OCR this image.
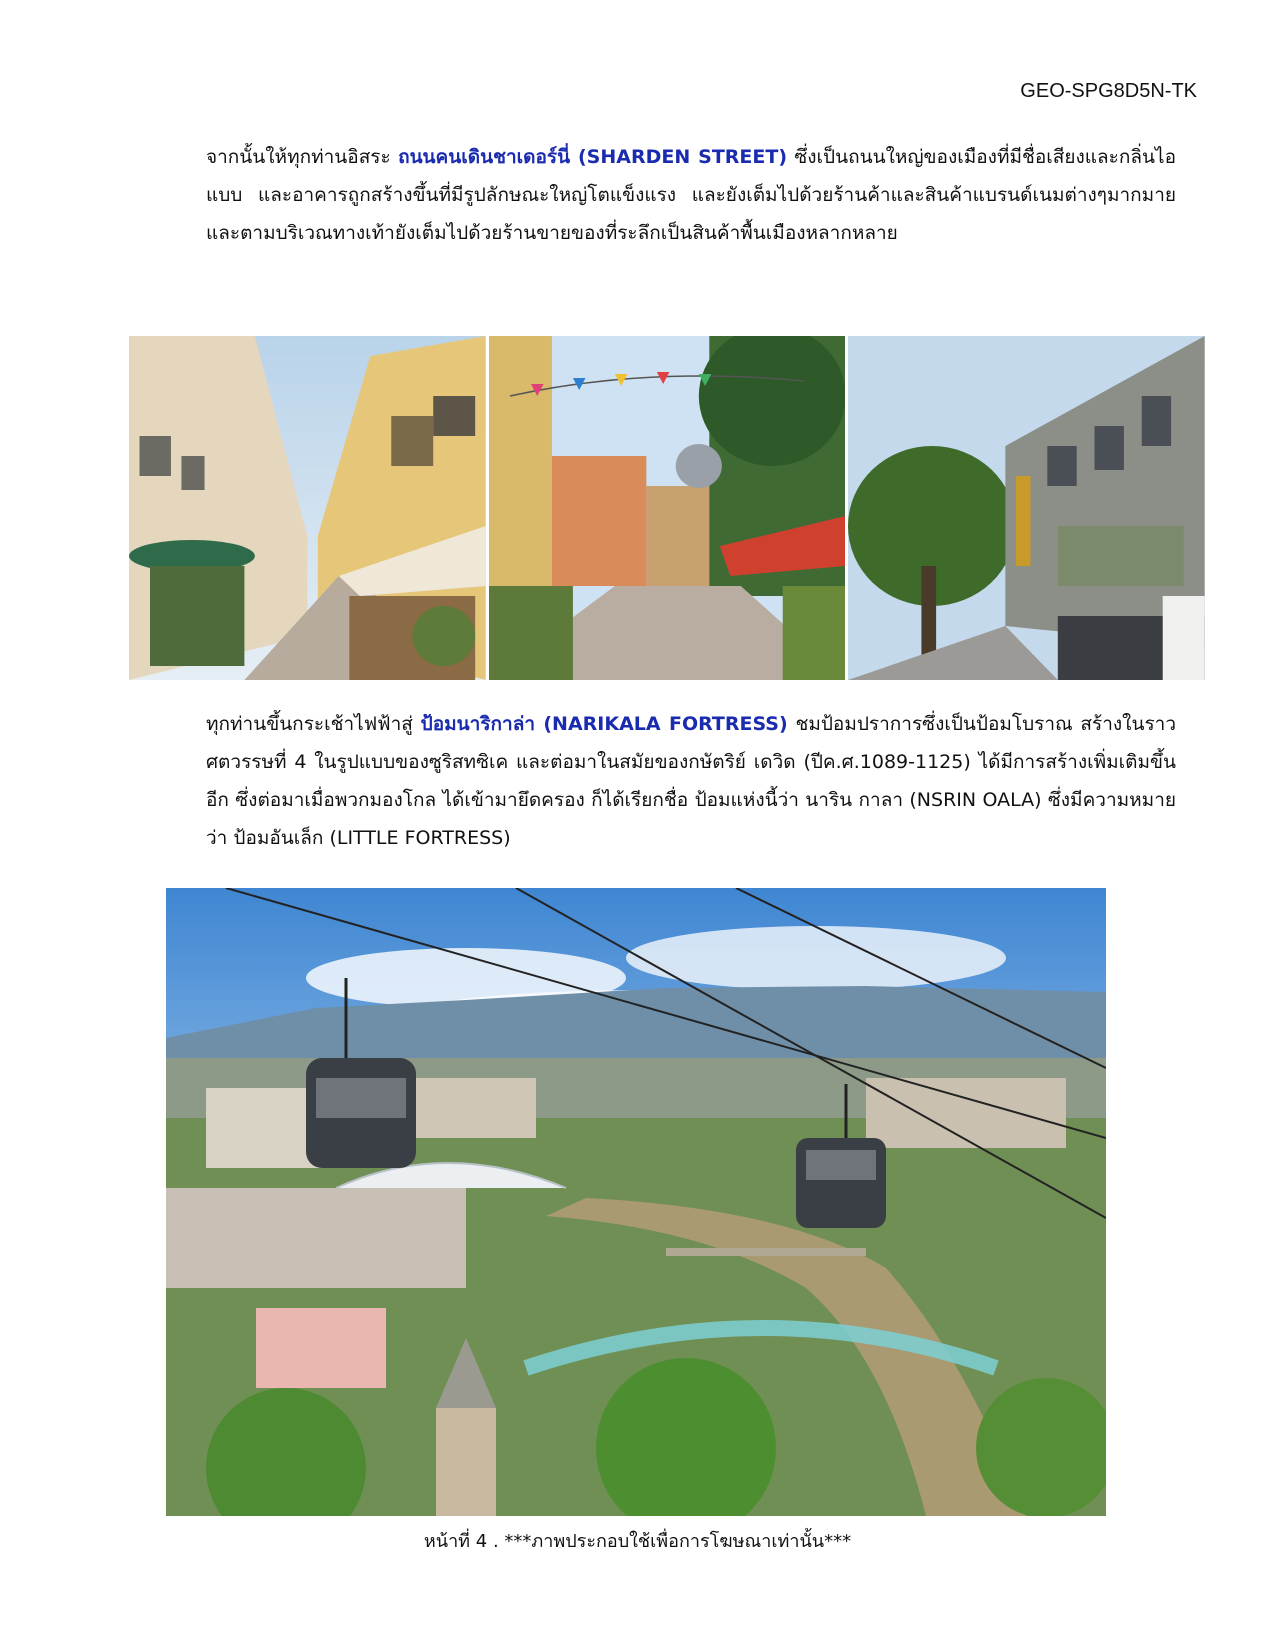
GEO-SPG8D5N-TK

จากนั้นให้ทุกท่านอิสระ ถนนคนเดินชาเดอร์นี่ (SHARDEN STREET) ซึ่งเป็นถนนใหญ่ของเมืองที่มีชื่อเสียงและกลิ่นไอแบบ และอาคารถูกสร้างขึ้นที่มีรูปลักษณะใหญ่โตแข็งแรง และยังเต็มไปด้วยร้านค้าและสินค้าแบรนด์เนมต่างๆมากมาย และตามบริเวณทางเท้ายังเต็มไปด้วยร้านขายของที่ระลึกเป็นสินค้าพื้นเมืองหลากหลาย

ทุกท่านขึ้นกระเช้าไฟฟ้าสู่ ป้อมนาริกาล่า (NARIKALA FORTRESS) ชมป้อมปราการซึ่งเป็นป้อมโบราณ สร้างในราวศตวรรษที่ 4 ในรูปแบบของซูริสทซิเค และต่อมาในสมัยของกษัตริย์ เดวิด (ปีค.ศ.1089-1125) ได้มีการสร้างเพิ่มเติมขึ้นอีก ซึ่งต่อมาเมื่อพวกมองโกล ได้เข้ามายึดครอง ก็ได้เรียกชื่อ ป้อมแห่งนี้ว่า นาริน กาลา (NSRIN OALA) ซึ่งมีความหมายว่า ป้อมอันเล็ก (LITTLE FORTRESS)

หน้าที่ 4 . ***ภาพประกอบใช้เพื่อการโฆษณาเท่านั้น***
